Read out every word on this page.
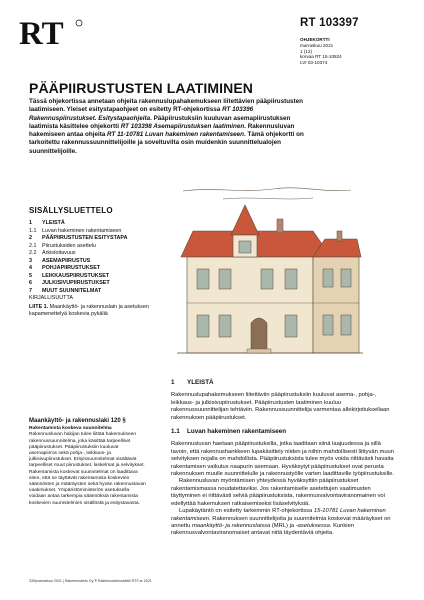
RT	RT 103397
OHJEKORTTI
marraskuu 2021
1 (12)
korvaa RT 15-10824
LVI 03-10374
PÄÄPIIRUSTUSTEN LAATIMINEN
Tässä ohjekortissa annetaan ohjeita rakennuslupahakemukseen liitettävien pääpiirustusten laatimiseen. Yleiset esitystapaohjeet on esitetty RT-ohjekortissa RT 103396 Rakennuspiirustukset. Esitystapaohjeita. Pääpiirustuksiin kuuluvan asemapiirustuksen laatimista käsittelee ohjekortti RT 103398 Asemapiirustuksen laatiminen. Rakennusluvan hakemiseen antaa ohjeita RT 11-10781 Luvan hakeminen rakentamiseen. Tämä ohjekortti on tarkoitettu rakennussuunnittelijoille ja soveltuvilta osin muidenkin suunnittelualojen suunnittelijoille.
SISÄLLYSLUETTELO
1	YLEISTÄ
1.1	Luvan hakeminen rakentamiseen
2	PÄÄPIIRUSTUSTEN ESITYSTAPA
2.1	Piirustuksiden asettelu
2.2	Arkistoitavuus
3	ASEMAPIIRUSTUS
4	POHJAPIIRUSTUKSET
5	LEIKKAUSPIIRUSTUKSET
6	JULKISIVUPIIRUSTUKSET
7	MUUT SUUNNITELMAT
KIRJALLISUUTTA
LIITE 1. Maankäyttö- ja rakennuslain ja asetuksen kapamenettelyä koskevia pykäliä
Maankäyttö- ja rakennuslaki 120 §
Rakentamista koskeva suunnitelma
Rakennusluvan hakijan tulee liittää hakemukseen rakennussuunnitelma, joka käsittää tarpeelliset pääpiirustukset. Pääpiirustuksiin kuuluvat asemapiirros sekä pohja-, leikkaus- ja julkisivupiirustukset. Erityissuunnitelmat sisältävät tarpeelliset muut piirustukset, laskelmat ja selvitykset. Rakentamista koskevat suunnitelmat on laadittava siten, että ne täyttävät rakentamista koskevien säännösten ja määräysten sekä hyvän rakennustavan vaatimukset. Ympäristöministeriön asetuksella voidaan antaa tarkempia säännöksiä rakentamista koskevien suunnitelmien sisällöstä ja esitystavasta.
1	YLEISTÄ

Rakennuslupahakemukseen liitettäviin pääpiirustuksiin kuuluvat asema-, pohja-, leikkaus- ja julkisivupiirustukset. Pääpiirustusten laatiminen kuuluu rakennussuunnittelijan tehtäviin. Rakennussuunnittelija varmentaa allekirjoituksellaan rakennuksen pääpiirustukset.

1.1	Luvan hakeminen rakentamiseen

Rakennusluvan haetaan pääpiirustuksilla, jotka laaditaan siinä laajuudessa ja sillä tavoin, että rakennushankkeen lupakäsittely niiden ja niihin mahdollisesti liittyvän muun selvityksen nojalla on mahdollista. Pääpiirustuksista tulee myös voida riittävästi havaita rakentamisen vaikutus naapurin asemaan. Hyväksytyt pääpiirustukset ovat perusta rakennuksen muulle suunnittelulle ja rakennustyölle varten laadittaville työpiirustuksille.

Rakennusluvan myöntämisen yhteydessä hyväksyttiin pääpiirustukset rakentamismassa noudatettaviksi. Jos rakentamiselle asetettujen vaatimusten täyttyminen ei riittävästi selviä pääpiirustuksista, rakennusvalvontaviranomainen voi edellyttää hakemuksen ratkaisemiseksi lisäselvityksiä.

Lupakäytäntö on esitetty tarkemmin RT-ohjekortissa 15-10781 Luvan hakeminen rakentamiseen. Rakennuksen suunnittelijoita ja suunnitelmia koskevat määräykset on annettu maankäyttö- ja rakennuslaissa (MRL) ja -asetuksessa. Kunkien rakennusvalvontaviranomaiset antavat niitä täydentäviä ohjeita.

339|marraskuu 2021 | Rakennustieto Oy ® Rakennustietosäätiö RTS sr 2021
